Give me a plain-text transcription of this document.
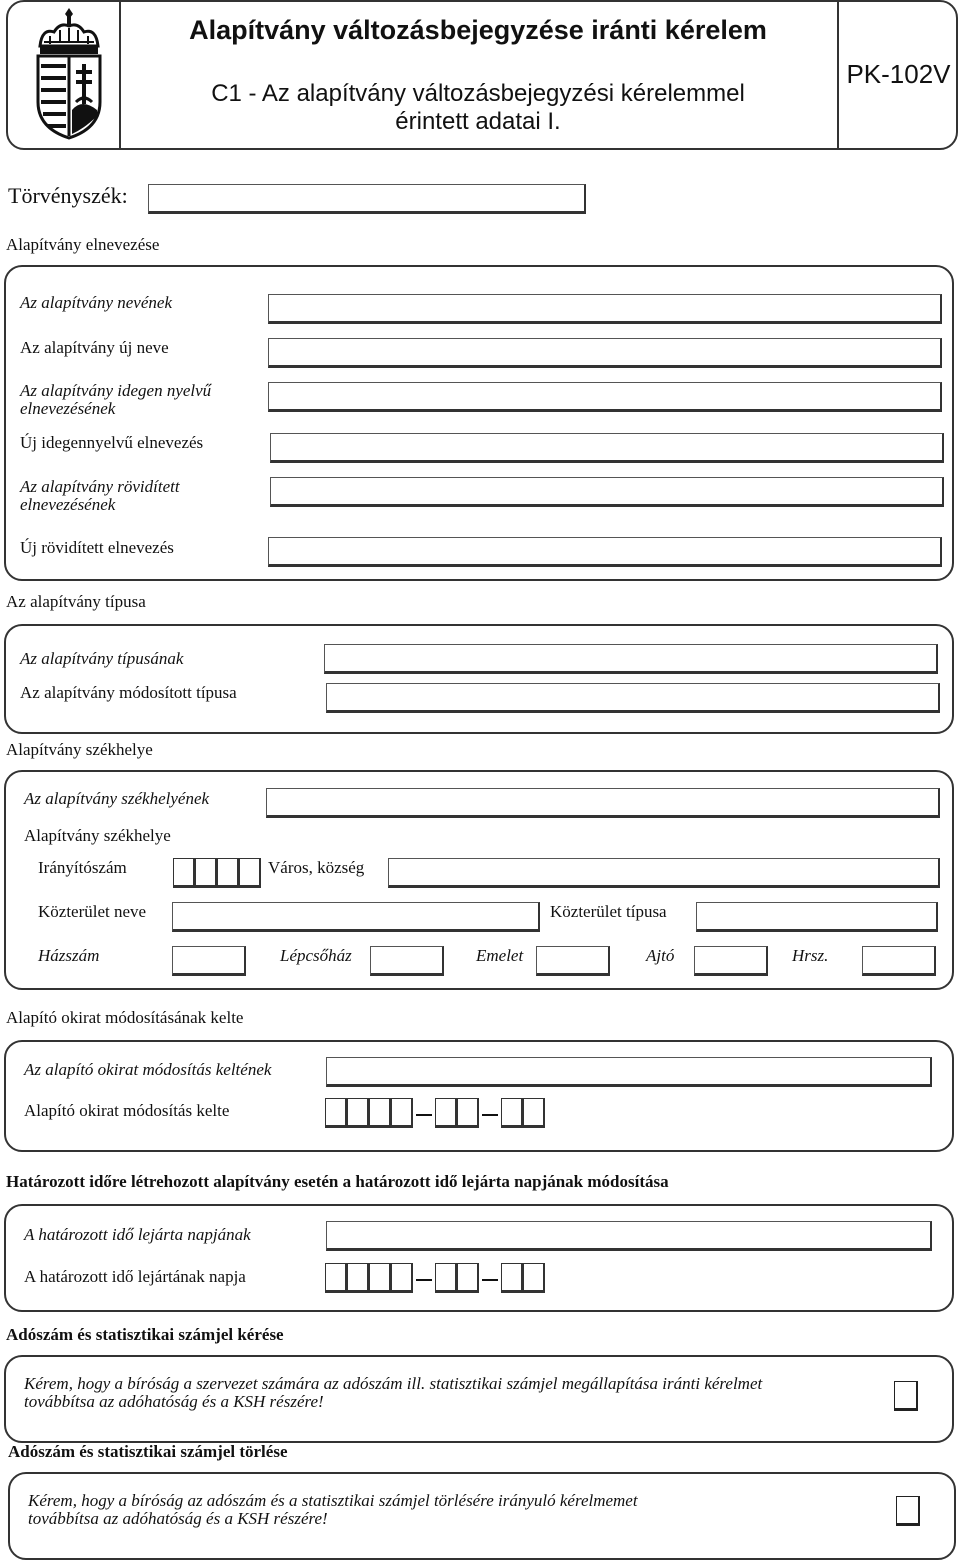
Alapítvány változásbejegyzése iránti kérelem
C1 - Az alapítvány változásbejegyzési kérelemmel
érintett adatai I.
PK-102V
Törvényszék:
Alapítvány elnevezése
Az alapítvány nevének
Az alapítvány új neve
Az alapítvány idegen nyelvű elnevezésének
Új idegennyelvű elnevezés
Az alapítvány rövidített elnevezésének
Új rövidített elnevezés
Az alapítvány típusa
Az alapítvány típusának
Az alapítvány módosított típusa
Alapítvány székhelye
Az alapítvány székhelyének
Alapítvány székhelye
Irányítószám	Város, község
Közterület neve	Közterület típusa
Házszám	Lépcsőház	Emelet	Ajtó	Hrsz.
Alapító okirat módosításának kelte
Az alapító okirat módosítás keltének
Alapító okirat módosítás kelte
Határozott időre létrehozott alapítvány esetén a határozott idő lejárta napjának módosítása
A határozott idő lejárta napjának
A határozott idő lejártának napja
Adószám és statisztikai számjel kérése
Kérem, hogy a bíróság a szervezet számára az adószám ill. statisztikai számjel megállapítása iránti kérelmet
továbbítsa az adóhatóság és a KSH részére!
Adószám és statisztikai számjel törlése
Kérem, hogy a bíróság az adószám és a statisztikai számjel törlésére irányuló kérelmemet
továbbítsa az adóhatóság és a KSH részére!
